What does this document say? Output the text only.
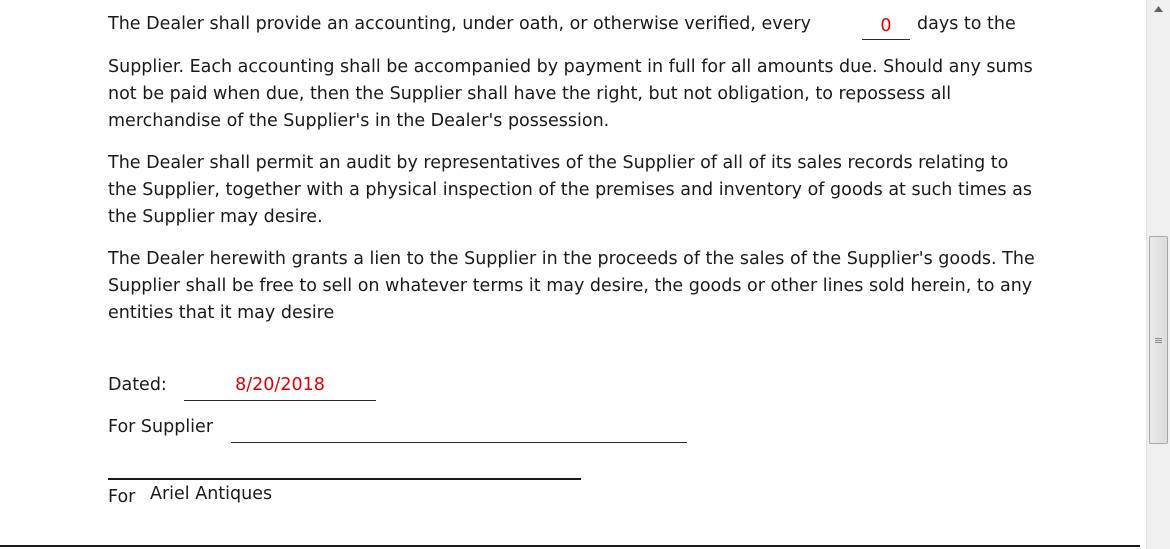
The Dealer shall provide an accounting, under oath, or otherwise verified, every	0	days to the
Supplier. Each accounting shall be accompanied by payment in full for all amounts due. Should any sums not be paid when due, then the Supplier shall have the right, but not obligation, to repossess all merchandise of the Supplier's in the Dealer's possession.
The Dealer shall permit an audit by representatives of the Supplier of all of its sales records relating to the Supplier, together with a physical inspection of the premises and inventory of goods at such times as the Supplier may desire.
The Dealer herewith grants a lien to the Supplier in the proceeds of the sales of the Supplier's goods. The Supplier shall be free to sell on whatever terms it may desire, the goods or other lines sold herein, to any entities that it may desire
Dated:	8/20/2018
For Supplier
For Ariel Antiques
